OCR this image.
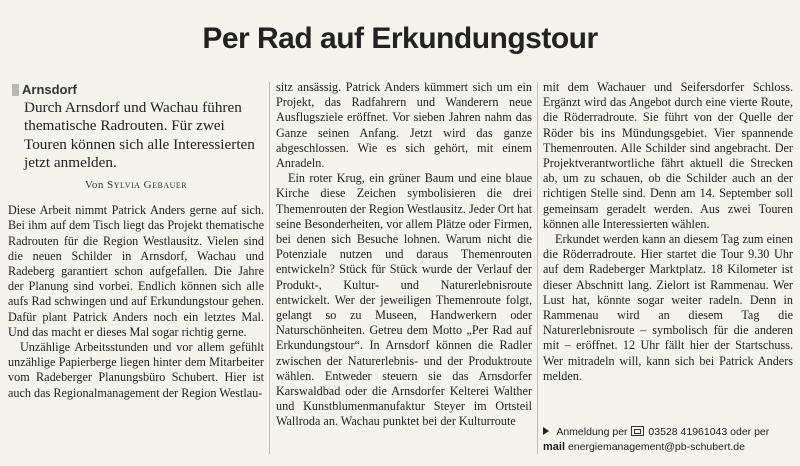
Per Rad auf Erkundungstour
Arnsdorf
Durch Arnsdorf und Wachau führen thematische Radrouten. Für zwei Touren können sich alle Interessierten jetzt anmelden.
Von Sylvia Gebauer

Diese Arbeit nimmt Patrick Anders gerne auf sich. Bei ihm auf dem Tisch liegt das Projekt thematische Radrouten für die Region Westlausitz. Vielen sind die neuen Schilder in Arnsdorf, Wachau und Radeberg garantiert schon aufgefallen. Die Jahre der Planung sind vorbei. Endlich können sich alle aufs Rad schwingen und auf Erkundungstour gehen. Dafür plant Patrick Anders noch ein letztes Mal. Und das macht er dieses Mal sogar richtig gerne.

Unzählige Arbeitsstunden und vor allem gefühlt unzählige Papierberge liegen hinter dem Mitarbeiter vom Radeberger Planungsbüro Schubert. Hier ist auch das Regionalmanagement der Region Westlau-

sitz ansässig. Patrick Anders kümmert sich um ein Projekt, das Radfahrern und Wanderern neue Ausflugsziele eröffnet. Vor sieben Jahren nahm das Ganze seinen Anfang. Jetzt wird das ganze abgeschlossen. Wie es sich gehört, mit einem Anradeln.

Ein roter Krug, ein grüner Baum und eine blaue Kirche diese Zeichen symbolisieren die drei Themenrouten der Region Westlausitz. Jeder Ort hat seine Besonderheiten, vor allem Plätze oder Firmen, bei denen sich Besuche lohnen. Warum nicht die Potenziale nutzen und daraus Themenrouten entwickeln? Stück für Stück wurde der Verlauf der Produkt-, Kultur- und Naturerlebnisroute entwickelt. Wer der jeweiligen Themenroute folgt, gelangt so zu Museen, Handwerkern oder Naturschönheiten. Getreu dem Motto „Per Rad auf Erkundungstour“. In Arnsdorf können die Radler zwischen der Naturerlebnis- und der Produktroute wählen. Entweder steuern sie das Arnsdorfer Karswaldbad oder die Arnsdorfer Kelterei Walther und Kunstblumenmanufaktur Steyer im Ortsteil Wallroda an. Wachau punktet bei der Kulturroute

mit dem Wachauer und Seifersdorfer Schloss. Ergänzt wird das Angebot durch eine vierte Route, die Röderradroute. Sie führt von der Quelle der Röder bis ins Mündungsgebiet. Vier spannende Themenrouten. Alle Schilder sind angebracht. Der Projektverantwortliche fährt aktuell die Strecken ab, um zu schauen, ob die Schilder auch an der richtigen Stelle sind. Denn am 14. September soll gemeinsam geradelt werden. Aus zwei Touren können alle Interessierten wählen.

Erkundet werden kann an diesem Tag zum einen die Röderradroute. Hier startet die Tour 9.30 Uhr auf dem Radeberger Marktplatz. 18 Kilometer ist dieser Abschnitt lang. Zielort ist Rammenau. Wer Lust hat, könnte sogar weiter radeln. Denn in Rammenau wird an diesem Tag die Naturerlebnisroute – symbolisch für die anderen mit – eröffnet. 12 Uhr fällt hier der Startschuss. Wer mitradeln will, kann sich bei Patrick Anders melden.

Anmeldung per 03528 41961043 oder per
mail energiemanagement@pb-schubert.de
